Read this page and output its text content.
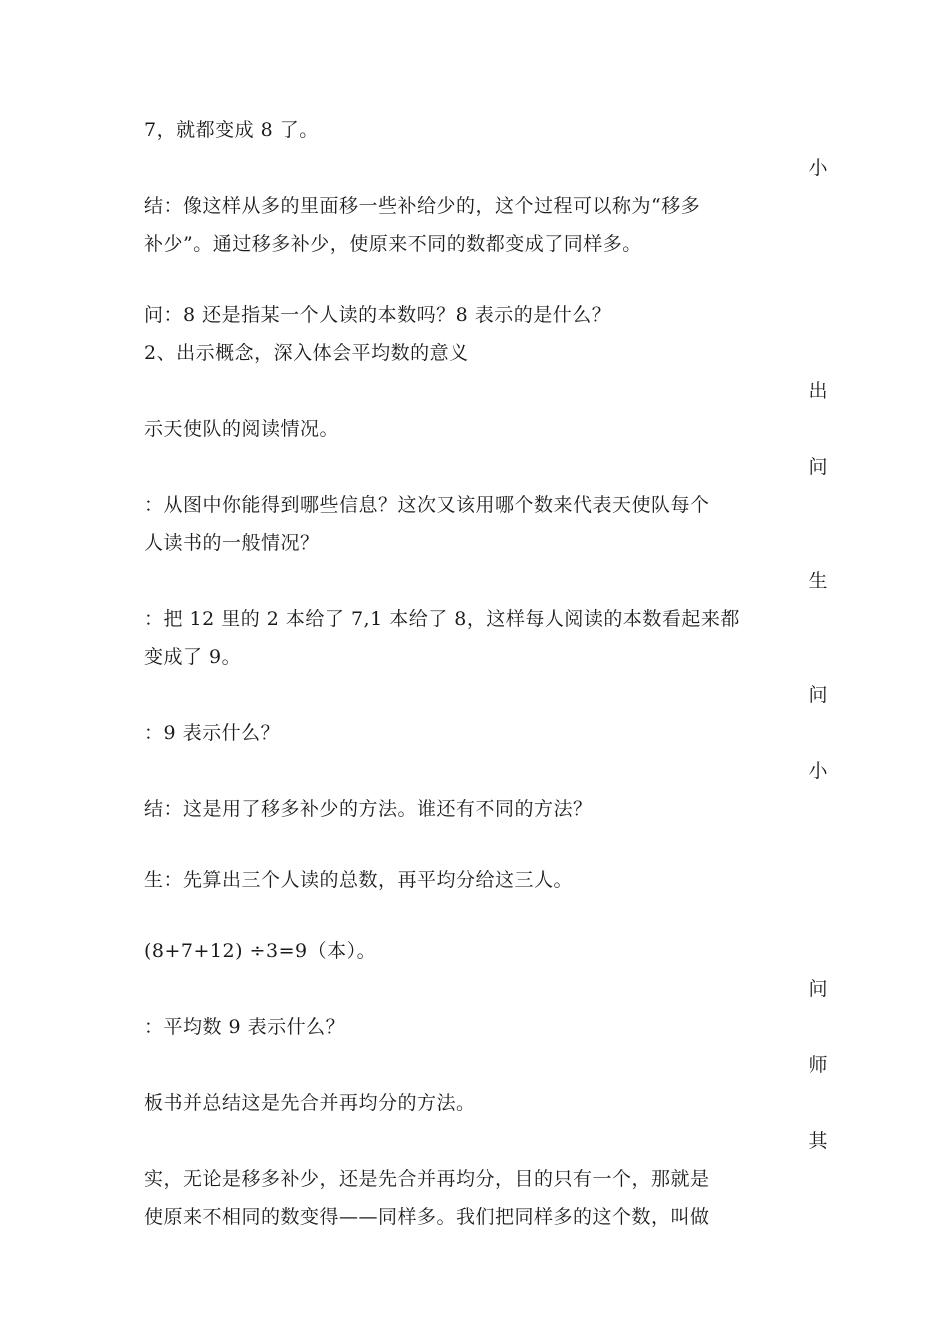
7，就都变成 8 了。
小
结：像这样从多的里面移一些补给少的，这个过程可以称为“移多
补少”。通过移多补少，使原来不同的数都变成了同样多。
问：8 还是指某一个人读的本数吗？8 表示的是什么？
2、出示概念，深入体会平均数的意义
出
示天使队的阅读情况。
问
：从图中你能得到哪些信息？这次又该用哪个数来代表天使队每个
人读书的一般情况？
生
：把 12 里的 2 本给了 7,1 本给了 8，这样每人阅读的本数看起来都
变成了 9。
问
：9 表示什么？
小
结：这是用了移多补少的方法。谁还有不同的方法？
生：先算出三个人读的总数，再平均分给这三人。
(8+7+12) ÷3=9（本）。
问
：平均数 9 表示什么？
师
板书并总结这是先合并再均分的方法。
其
实，无论是移多补少，还是先合并再均分，目的只有一个，那就是
使原来不相同的数变得——同样多。我们把同样多的这个数，叫做
